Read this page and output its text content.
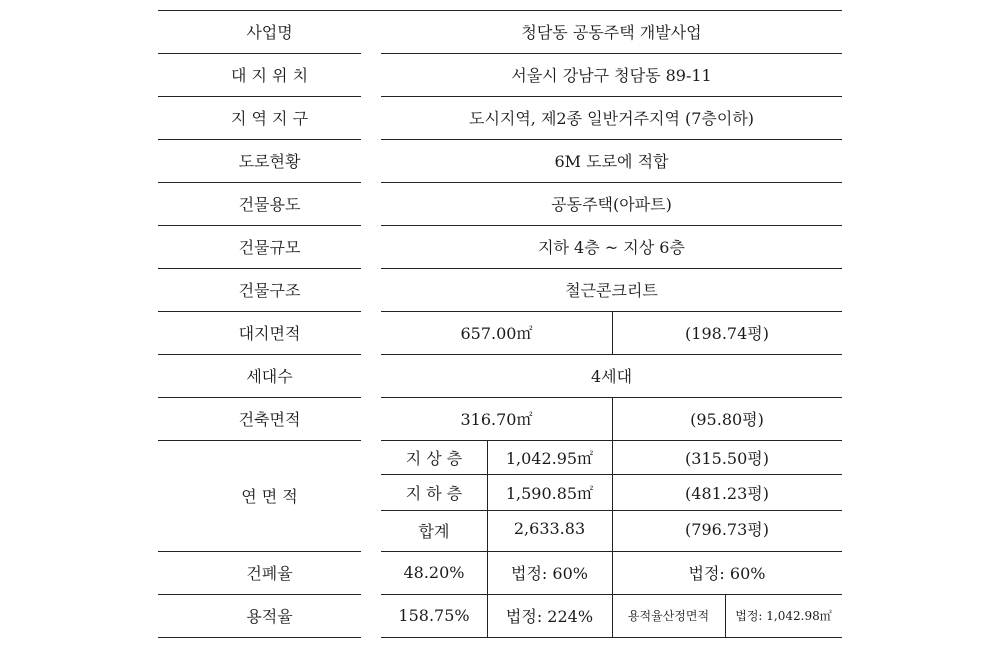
사업명	청담동 공동주택 개발사업
대 지 위 치	서울시 강남구 청담동 89-11
지 역 지 구	도시지역, 제2종 일반거주지역 (7층이하)
도로현황	6M 도로에 적합
건물용도	공동주택(아파트)
건물규모	지하 4층 ~ 지상 6층
건물구조	철근콘크리트
대지면적	657.00㎡	(198.74평)
세대수	4세대
건축면적	316.70㎡	(95.80평)
연 면 적
지 상 층	1,042.95㎡	(315.50평)
지 하 층	1,590.85㎡	(481.23평)
합계	2,633.83	(796.73평)
건폐율	48.20%	법정: 60%	법정: 60%
용적율	158.75%	법정: 224%	용적율산정면적	법정: 1,042.98㎡
